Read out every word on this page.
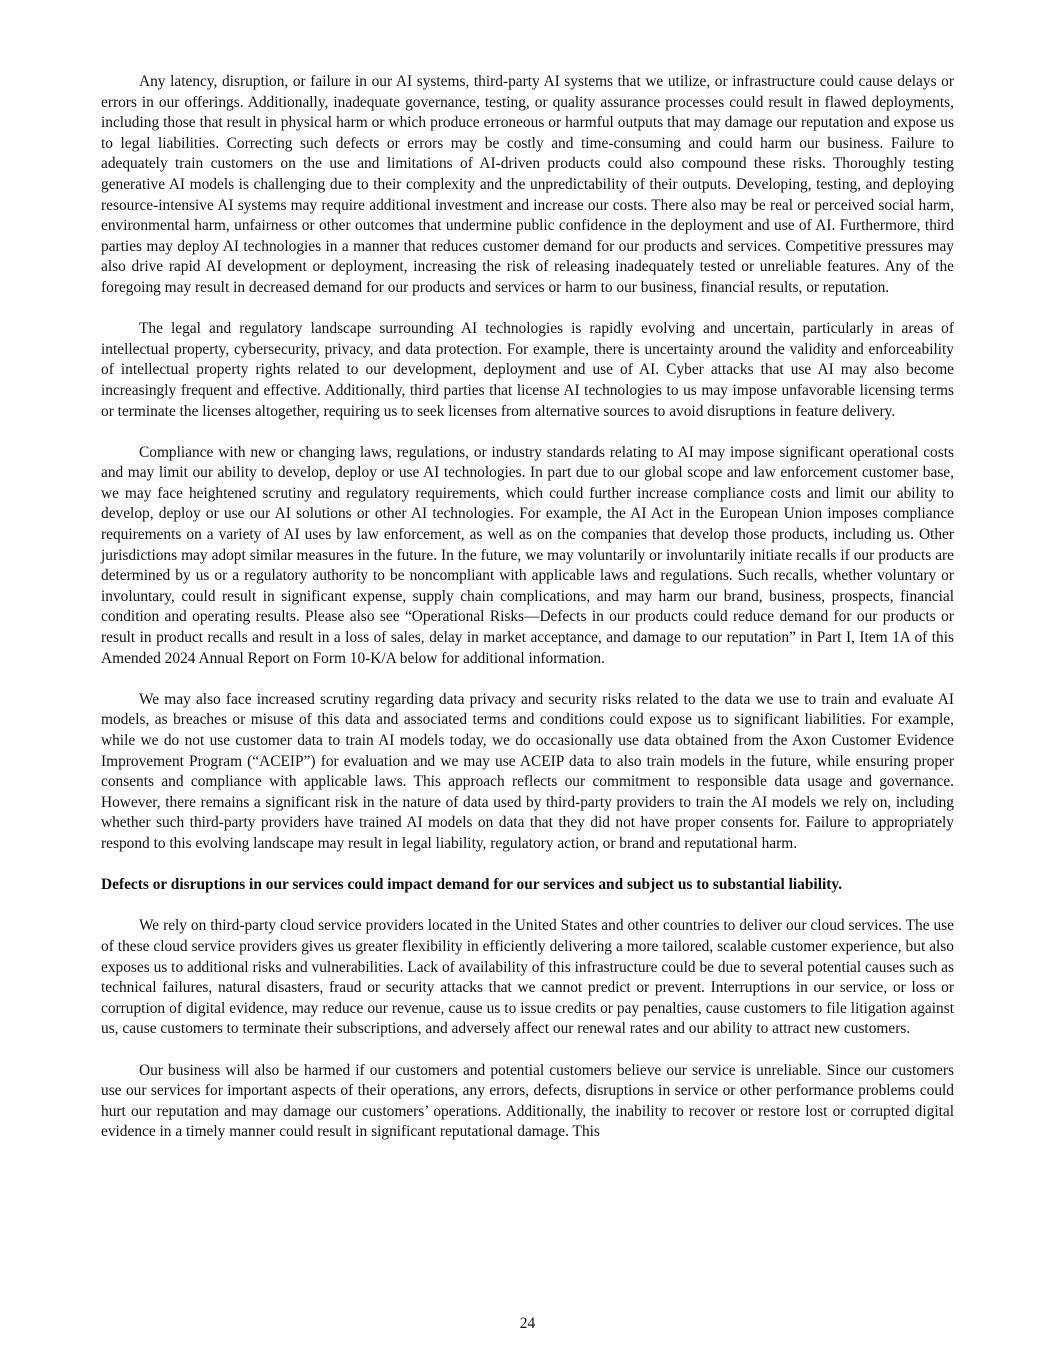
Any latency, disruption, or failure in our AI systems, third-party AI systems that we utilize, or infrastructure could cause delays or errors in our offerings. Additionally, inadequate governance, testing, or quality assurance processes could result in flawed deployments, including those that result in physical harm or which produce erroneous or harmful outputs that may damage our reputation and expose us to legal liabilities. Correcting such defects or errors may be costly and time-consuming and could harm our business. Failure to adequately train customers on the use and limitations of AI-driven products could also compound these risks. Thoroughly testing generative AI models is challenging due to their complexity and the unpredictability of their outputs. Developing, testing, and deploying resource-intensive AI systems may require additional investment and increase our costs. There also may be real or perceived social harm, environmental harm, unfairness or other outcomes that undermine public confidence in the deployment and use of AI. Furthermore, third parties may deploy AI technologies in a manner that reduces customer demand for our products and services. Competitive pressures may also drive rapid AI development or deployment, increasing the risk of releasing inadequately tested or unreliable features. Any of the foregoing may result in decreased demand for our products and services or harm to our business, financial results, or reputation.

The legal and regulatory landscape surrounding AI technologies is rapidly evolving and uncertain, particularly in areas of intellectual property, cybersecurity, privacy, and data protection. For example, there is uncertainty around the validity and enforceability of intellectual property rights related to our development, deployment and use of AI. Cyber attacks that use AI may also become increasingly frequent and effective. Additionally, third parties that license AI technologies to us may impose unfavorable licensing terms or terminate the licenses altogether, requiring us to seek licenses from alternative sources to avoid disruptions in feature delivery.

Compliance with new or changing laws, regulations, or industry standards relating to AI may impose significant operational costs and may limit our ability to develop, deploy or use AI technologies. In part due to our global scope and law enforcement customer base, we may face heightened scrutiny and regulatory requirements, which could further increase compliance costs and limit our ability to develop, deploy or use our AI solutions or other AI technologies. For example, the AI Act in the European Union imposes compliance requirements on a variety of AI uses by law enforcement, as well as on the companies that develop those products, including us. Other jurisdictions may adopt similar measures in the future. In the future, we may voluntarily or involuntarily initiate recalls if our products are determined by us or a regulatory authority to be noncompliant with applicable laws and regulations. Such recalls, whether voluntary or involuntary, could result in significant expense, supply chain complications, and may harm our brand, business, prospects, financial condition and operating results. Please also see “Operational Risks—Defects in our products could reduce demand for our products or result in product recalls and result in a loss of sales, delay in market acceptance, and damage to our reputation” in Part I, Item 1A of this Amended 2024 Annual Report on Form 10-K/A below for additional information.

We may also face increased scrutiny regarding data privacy and security risks related to the data we use to train and evaluate AI models, as breaches or misuse of this data and associated terms and conditions could expose us to significant liabilities. For example, while we do not use customer data to train AI models today, we do occasionally use data obtained from the Axon Customer Evidence Improvement Program (“ACEIP”) for evaluation and we may use ACEIP data to also train models in the future, while ensuring proper consents and compliance with applicable laws. This approach reflects our commitment to responsible data usage and governance. However, there remains a significant risk in the nature of data used by third-party providers to train the AI models we rely on, including whether such third-party providers have trained AI models on data that they did not have proper consents for. Failure to appropriately respond to this evolving landscape may result in legal liability, regulatory action, or brand and reputational harm.

Defects or disruptions in our services could impact demand for our services and subject us to substantial liability.

We rely on third-party cloud service providers located in the United States and other countries to deliver our cloud services. The use of these cloud service providers gives us greater flexibility in efficiently delivering a more tailored, scalable customer experience, but also exposes us to additional risks and vulnerabilities. Lack of availability of this infrastructure could be due to several potential causes such as technical failures, natural disasters, fraud or security attacks that we cannot predict or prevent. Interruptions in our service, or loss or corruption of digital evidence, may reduce our revenue, cause us to issue credits or pay penalties, cause customers to file litigation against us, cause customers to terminate their subscriptions, and adversely affect our renewal rates and our ability to attract new customers.

Our business will also be harmed if our customers and potential customers believe our service is unreliable. Since our customers use our services for important aspects of their operations, any errors, defects, disruptions in service or other performance problems could hurt our reputation and may damage our customers’ operations. Additionally, the inability to recover or restore lost or corrupted digital evidence in a timely manner could result in significant reputational damage. This

24
